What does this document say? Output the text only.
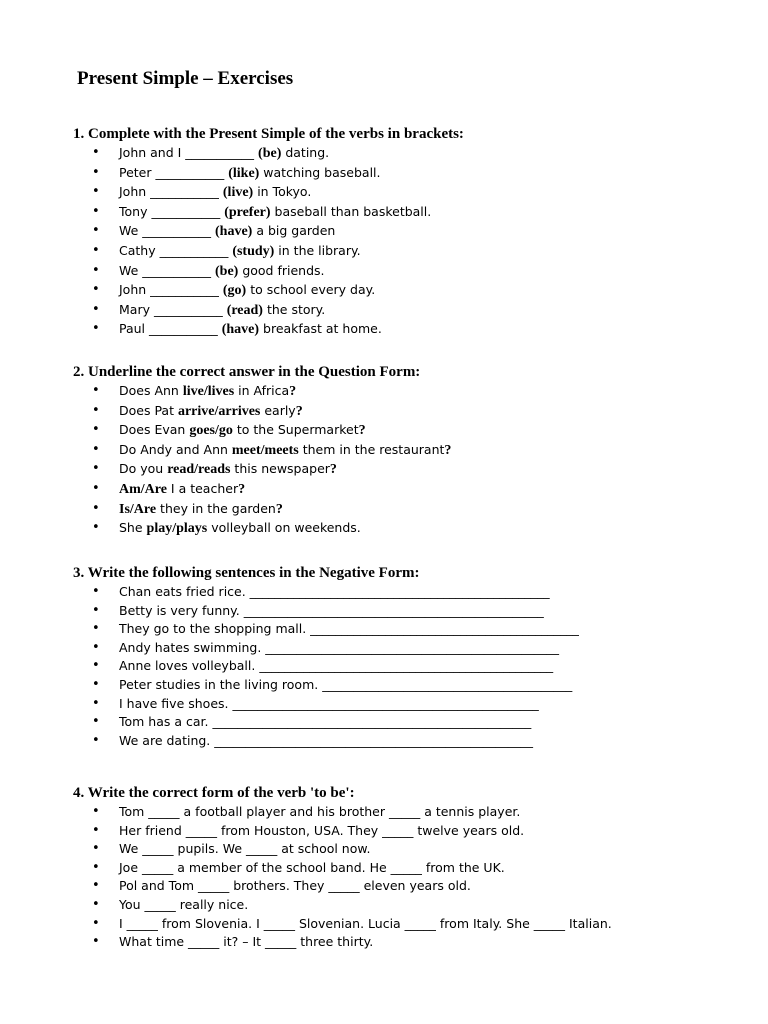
Present Simple – Exercises
1. Complete with the Present Simple of the verbs in brackets:
• John and I ___________ (be) dating.
• Peter ___________ (like) watching baseball.
• John ___________ (live) in Tokyo.
• Tony ___________ (prefer) baseball than basketball.
• We ___________ (have) a big garden
• Cathy ___________ (study) in the library.
• We ___________ (be) good friends.
• John ___________ (go) to school every day.
• Mary ___________ (read) the story.
• Paul ___________ (have) breakfast at home.
2. Underline the correct answer in the Question Form:
• Does Ann live/lives in Africa?
• Does Pat arrive/arrives early?
• Does Evan goes/go to the Supermarket?
• Do Andy and Ann meet/meets them in the restaurant?
• Do you read/reads this newspaper?
• Am/Are I a teacher?
• Is/Are they in the garden?
• She play/plays volleyball on weekends.
3. Write the following sentences in the Negative Form:
• Chan eats fried rice. ________________________________________________
• Betty is very funny. ________________________________________________
• They go to the shopping mall. ___________________________________________
• Andy hates swimming. _______________________________________________
• Anne loves volleyball. _______________________________________________
• Peter studies in the living room. ________________________________________
• I have five shoes. _________________________________________________
• Tom has a car. ___________________________________________________
• We are dating. ___________________________________________________
4. Write the correct form of the verb 'to be':
• Tom _____ a football player and his brother _____ a tennis player.
• Her friend _____ from Houston, USA. They _____ twelve years old.
• We _____ pupils. We _____ at school now.
• Joe _____ a member of the school band. He _____ from the UK.
• Pol and Tom _____ brothers. They _____ eleven years old.
• You _____ really nice.
• I _____ from Slovenia. I _____ Slovenian. Lucia _____ from Italy. She _____ Italian.
• What time _____ it? – It _____ three thirty.
